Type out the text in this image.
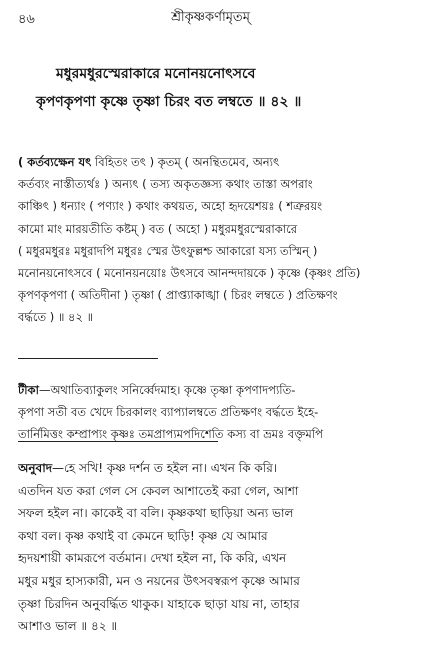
৪৬	শ্রীকৃষ্ণকর্ণামৃতম্
মধুরমধুরস্মেরাকারে মনোনয়নোৎসবে
কৃপণকৃপণা কৃষ্ণে তৃষ্ণা চিরং বত লম্বতে ॥ ৪২ ॥
( কর্তব্যক্ষেন যৎ বিহিতং তৎ ) কৃতম্ ( অনন্থিতমেব, অন্যৎ
কর্তব্যং নাস্তীত্যর্থঃ ) অন্যৎ ( তস্য অকৃতজ্ঞস্য কথাং তাস্তা অপরাং
কাঞ্চিৎ ) ধন্যাং ( পণ্যাং ) কথাং কথয়ত, অহো হৃদয়েশয়ঃ ( শত্রুরয়ং
কামো মাং মারয়তীতি কষ্টম্ ) বত ( অহো ) মধুরমধুরস্মেরাকারে
( মধুরমধুরঃ মধুরাদপি মধুরঃ স্মের উৎফুল্লশ্চ আকারো যস্য তস্মিন্ )
মনোনয়নোৎসবে ( মনোনয়নয়োঃ উৎসবে আনন্দদায়কে ) কৃষ্ণে (কৃষ্ণং প্রতি)
কৃপণকৃপণা ( অতিদীনা ) তৃষ্ণা ( প্রাপ্ত্যাকাঙ্খা ( চিরং লম্বতে ) প্রতিক্ষণং
বর্দ্ধতে ) ॥ ৪২ ॥
টীকা—অথাতিব্যাকুলং সনির্ব্বেদমাহ। কৃষ্ণে তৃষ্ণা কৃপণাদপ্যতি-
কৃপণা সতী বত খেদে চিরকালং ব্যাপ্যালম্বতে প্রতিক্ষণং বর্দ্ধতে ইহে-
তার্নিমিত্তং কম্প্রাপ্যং কৃষ্ণঃ তমপ্রাপ্যমপদিশেতি কস্য বা ভ্রমঃ বক্তৃমপি
অনুবাদ—হে সখি! কৃষ্ণ দর্শন ত হইল না। এখন কি করি।
এতদিন যত করা গেল সে কেবল আশাতেই করা গেল, আশা
সফল হইল না। কাকেই বা বলি। কৃষ্ণকথা ছাড়িয়া অন্য ভাল
কথা বল। কৃষ্ণ কথাই বা কেমনে ছাড়ি! কৃষ্ণ যে আমার
হৃদয়শায়ী কামরূপে বর্তমান। দেখা হইল না, কি করি, এখন
মধুর মধুর হাস্যকারী, মন ও নয়নের উৎসবস্বরূপ কৃষ্ণে আমার
তৃষ্ণা চিরদিন অনুবর্দ্ধিত থাকুক। যাহাকে ছাড়া যায় না, তাহার
আশাও ভাল ॥ ৪২ ॥
